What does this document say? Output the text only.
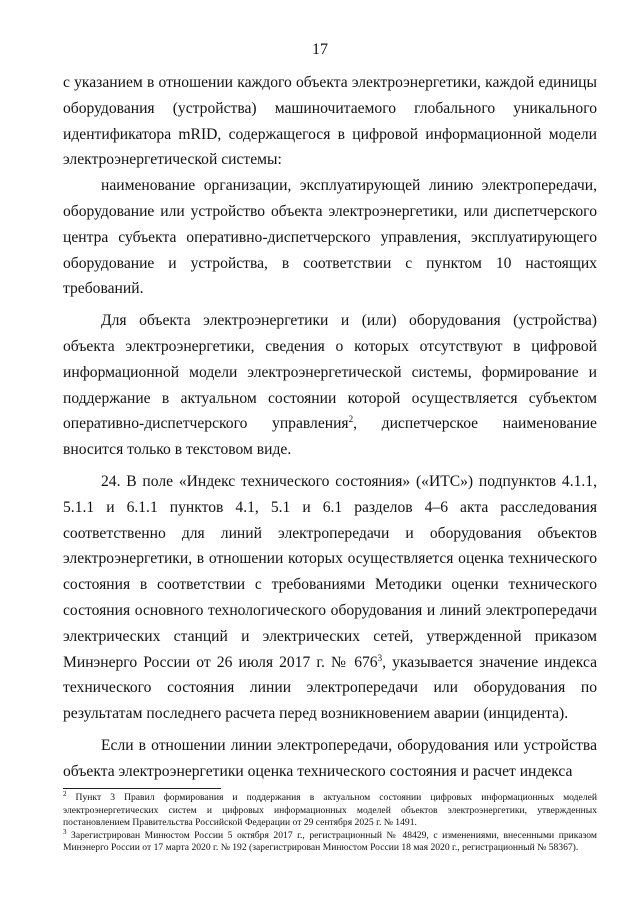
17

с указанием в отношении каждого объекта электроэнергетики, каждой единицы оборудования (устройства) машиночитаемого глобального уникального идентификатора mRID, содержащегося в цифровой информационной модели электроэнергетической системы:

наименование организации, эксплуатирующей линию электропередачи, оборудование или устройство объекта электроэнергетики, или диспетчерского центра субъекта оперативно-диспетчерского управления, эксплуатирующего оборудование и устройства, в соответствии с пунктом 10 настоящих требований.

Для объекта электроэнергетики и (или) оборудования (устройства) объекта электроэнергетики, сведения о которых отсутствуют в цифровой информационной модели электроэнергетической системы, формирование и поддержание в актуальном состоянии которой осуществляется субъектом оперативно-диспетчерского управления$^2$, диспетчерское наименование вносится только в текстовом виде.

24. В поле «Индекс технического состояния» («ИТС») подпунктов 4.1.1, 5.1.1 и 6.1.1 пунктов 4.1, 5.1 и 6.1 разделов 4–6 акта расследования соответственно для линий электропередачи и оборудования объектов электроэнергетики, в отношении которых осуществляется оценка технического состояния в соответствии с требованиями Методики оценки технического состояния основного технологического оборудования и линий электропередачи электрических станций и электрических сетей, утвержденной приказом Минэнерго России от 26 июля 2017 г. № $676^3$, указывается значение индекса технического состояния линии электропередачи или оборудования по результатам последнего расчета перед возникновением аварии (инцидента).

Если в отношении линии электропередачи, оборудования или устройства объекта электроэнергетики оценка технического состояния и расчет индекса

$^2$ Пункт 3 Правил формирования и поддержания в актуальном состоянии цифровых информационных моделей электроэнергетических систем и цифровых информационных моделей объектов электроэнергетики, утвержденных постановлением Правительства Российской Федерации от 29 сентября 2025 г. № 1491.

$^3$ Зарегистрирован Минюстом России 5 октября 2017 г., регистрационный № 48429, с изменениями, внесенными приказом Минэнерго России от 17 марта 2020 г. № 192 (зарегистрирован Минюстом России 18 мая 2020 г., регистрационный № 58367).
